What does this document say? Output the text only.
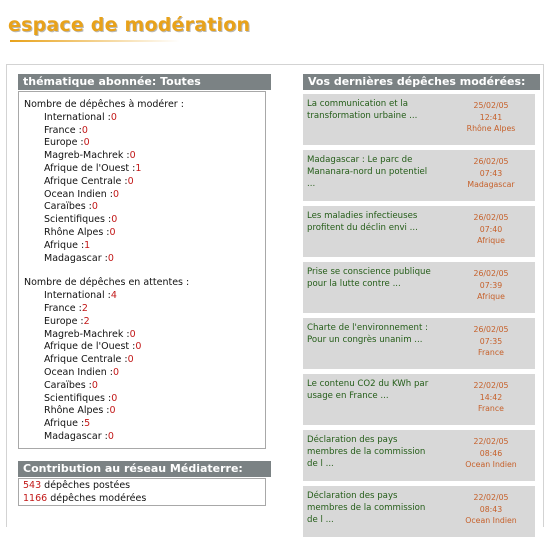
espace de modération
thématique abonnée: Toutes
Nombre de dépêches à modérer :
International :0
France :0
Europe :0
Magreb-Machrek :0
Afrique de l'Ouest :1
Afrique Centrale :0
Ocean Indien :0
Caraïbes :0
Scientifiques :0
Rhône Alpes :0
Afrique :1
Madagascar :0
Nombre de dépêches en attentes :
International :4
France :2
Europe :2
Magreb-Machrek :0
Afrique de l'Ouest :0
Afrique Centrale :0
Ocean Indien :0
Caraïbes :0
Scientifiques :0
Rhône Alpes :0
Afrique :5
Madagascar :0
Contribution au réseau Médiaterre:
543 dépêches postées
1166 dépêches modérées
Vos dernières dépêches modérées:
La communication et la transformation urbaine ...
25/02/05
12:41
Rhône Alpes
Madagascar : Le parc de Mananara-nord un potentiel ...
26/02/05
07:43
Madagascar
Les maladies infectieuses profitent du déclin envi ...
26/02/05
07:40
Afrique
Prise se conscience publique pour la lutte contre ...
26/02/05
07:39
Afrique
Charte de l'environnement : Pour un congrès unanim ...
26/02/05
07:35
France
Le contenu CO2 du KWh par usage en France ...
22/02/05
14:42
France
Déclaration des pays membres de la commission de l ...
22/02/05
08:46
Ocean Indien
Déclaration des pays membres de la commission de l ...
22/02/05
08:43
Ocean Indien
